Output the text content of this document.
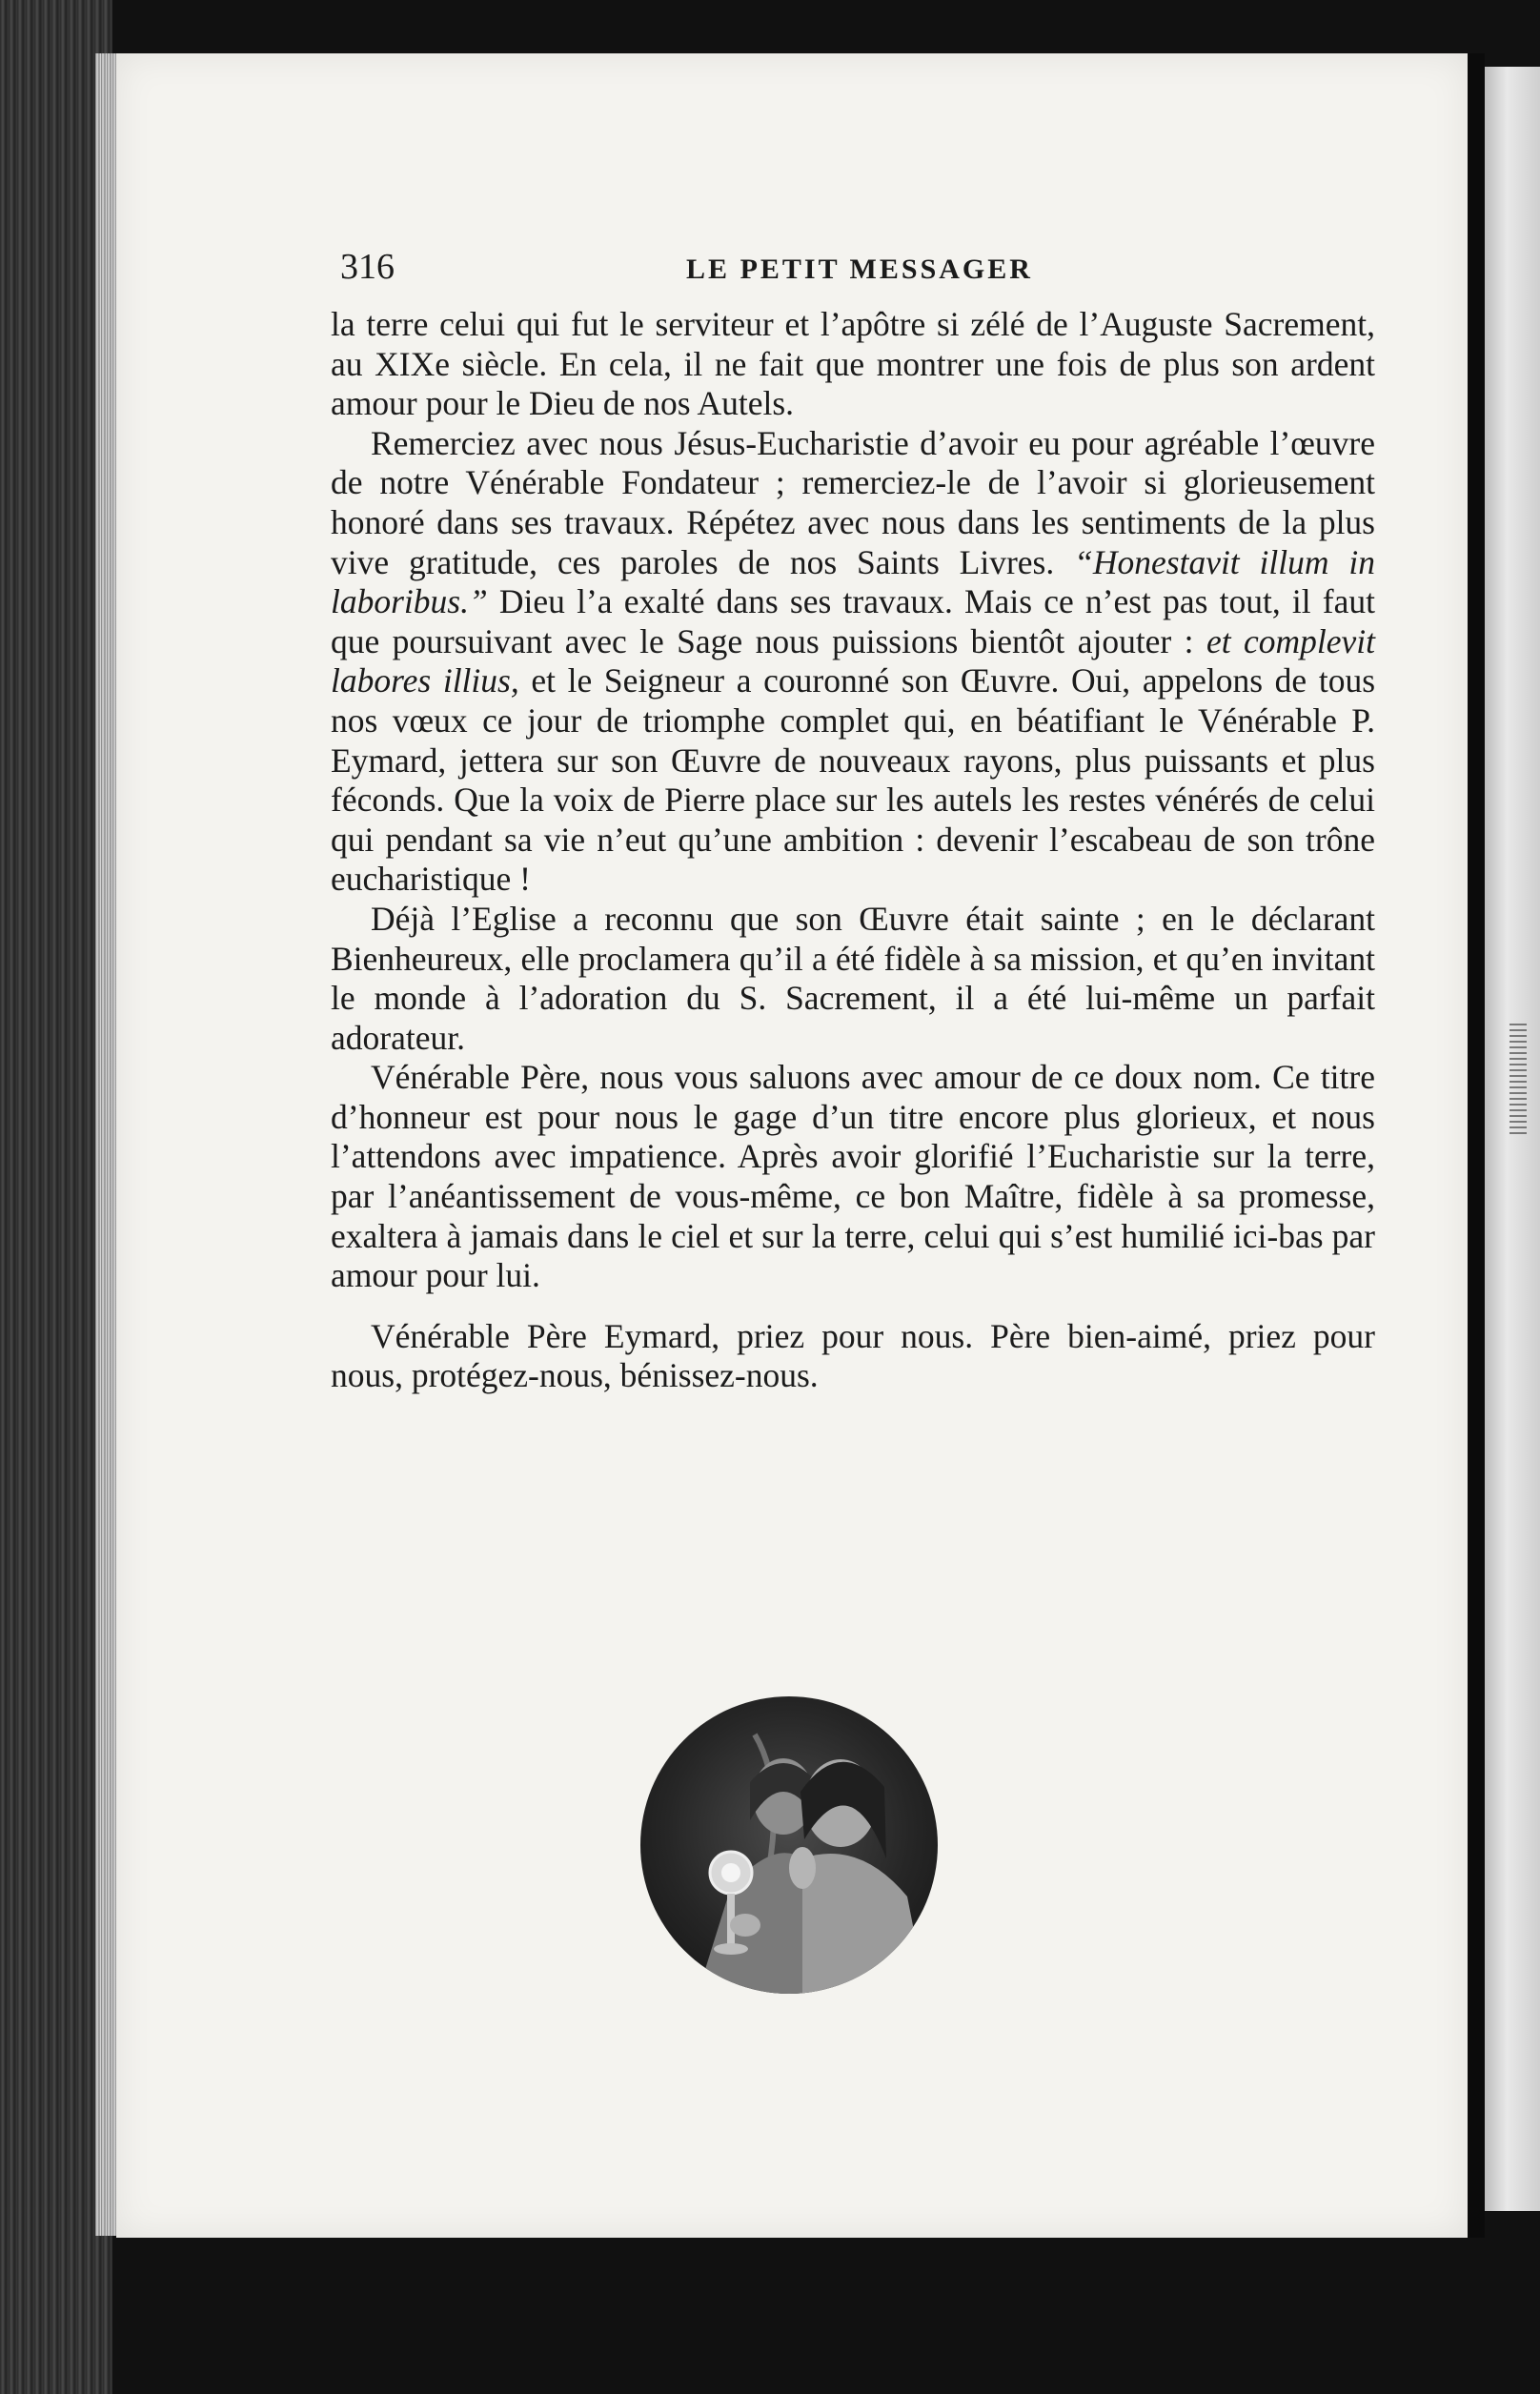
316	LE PETIT MESSAGER

la terre celui qui fut le serviteur et l’apôtre si zélé de l’Auguste Sacrement, au XIXe siècle. En cela, il ne fait que montrer une fois de plus son ardent amour pour le Dieu de nos Autels.

Remerciez avec nous Jésus-Eucharistie d’avoir eu pour agréable l’œuvre de notre Vénérable Fondateur ; remerciez-le de l’avoir si glorieusement honoré dans ses travaux. Répétez avec nous dans les sentiments de la plus vive gratitude, ces paroles de nos Saints Livres. “Honestavit illum in laboribus.” Dieu l’a exalté dans ses travaux. Mais ce n’est pas tout, il faut que poursuivant avec le Sage nous puissions bientôt ajouter : et complevit labores illius, et le Seigneur a couronné son Œuvre. Oui, appelons de tous nos vœux ce jour de triomphe complet qui, en béatifiant le Vénérable P. Eymard, jettera sur son Œuvre de nouveaux rayons, plus puissants et plus féconds. Que la voix de Pierre place sur les autels les restes vénérés de celui qui pendant sa vie n’eut qu’une ambition : devenir l’escabeau de son trône eucharistique !

Déjà l’Eglise a reconnu que son Œuvre était sainte ; en le déclarant Bienheureux, elle proclamera qu’il a été fidèle à sa mission, et qu’en invitant le monde à l’adoration du S. Sacrement, il a été lui-même un parfait adorateur.

Vénérable Père, nous vous saluons avec amour de ce doux nom. Ce titre d’honneur est pour nous le gage d’un titre encore plus glorieux, et nous l’attendons avec impatience. Après avoir glorifié l’Eucharistie sur la terre, par l’anéantissement de vous-même, ce bon Maître, fidèle à sa promesse, exaltera à jamais dans le ciel et sur la terre, celui qui s’est humilié ici-bas par amour pour lui.

Vénérable Père Eymard, priez pour nous. Père bien-aimé, priez pour nous, protégez-nous, bénissez-nous.
